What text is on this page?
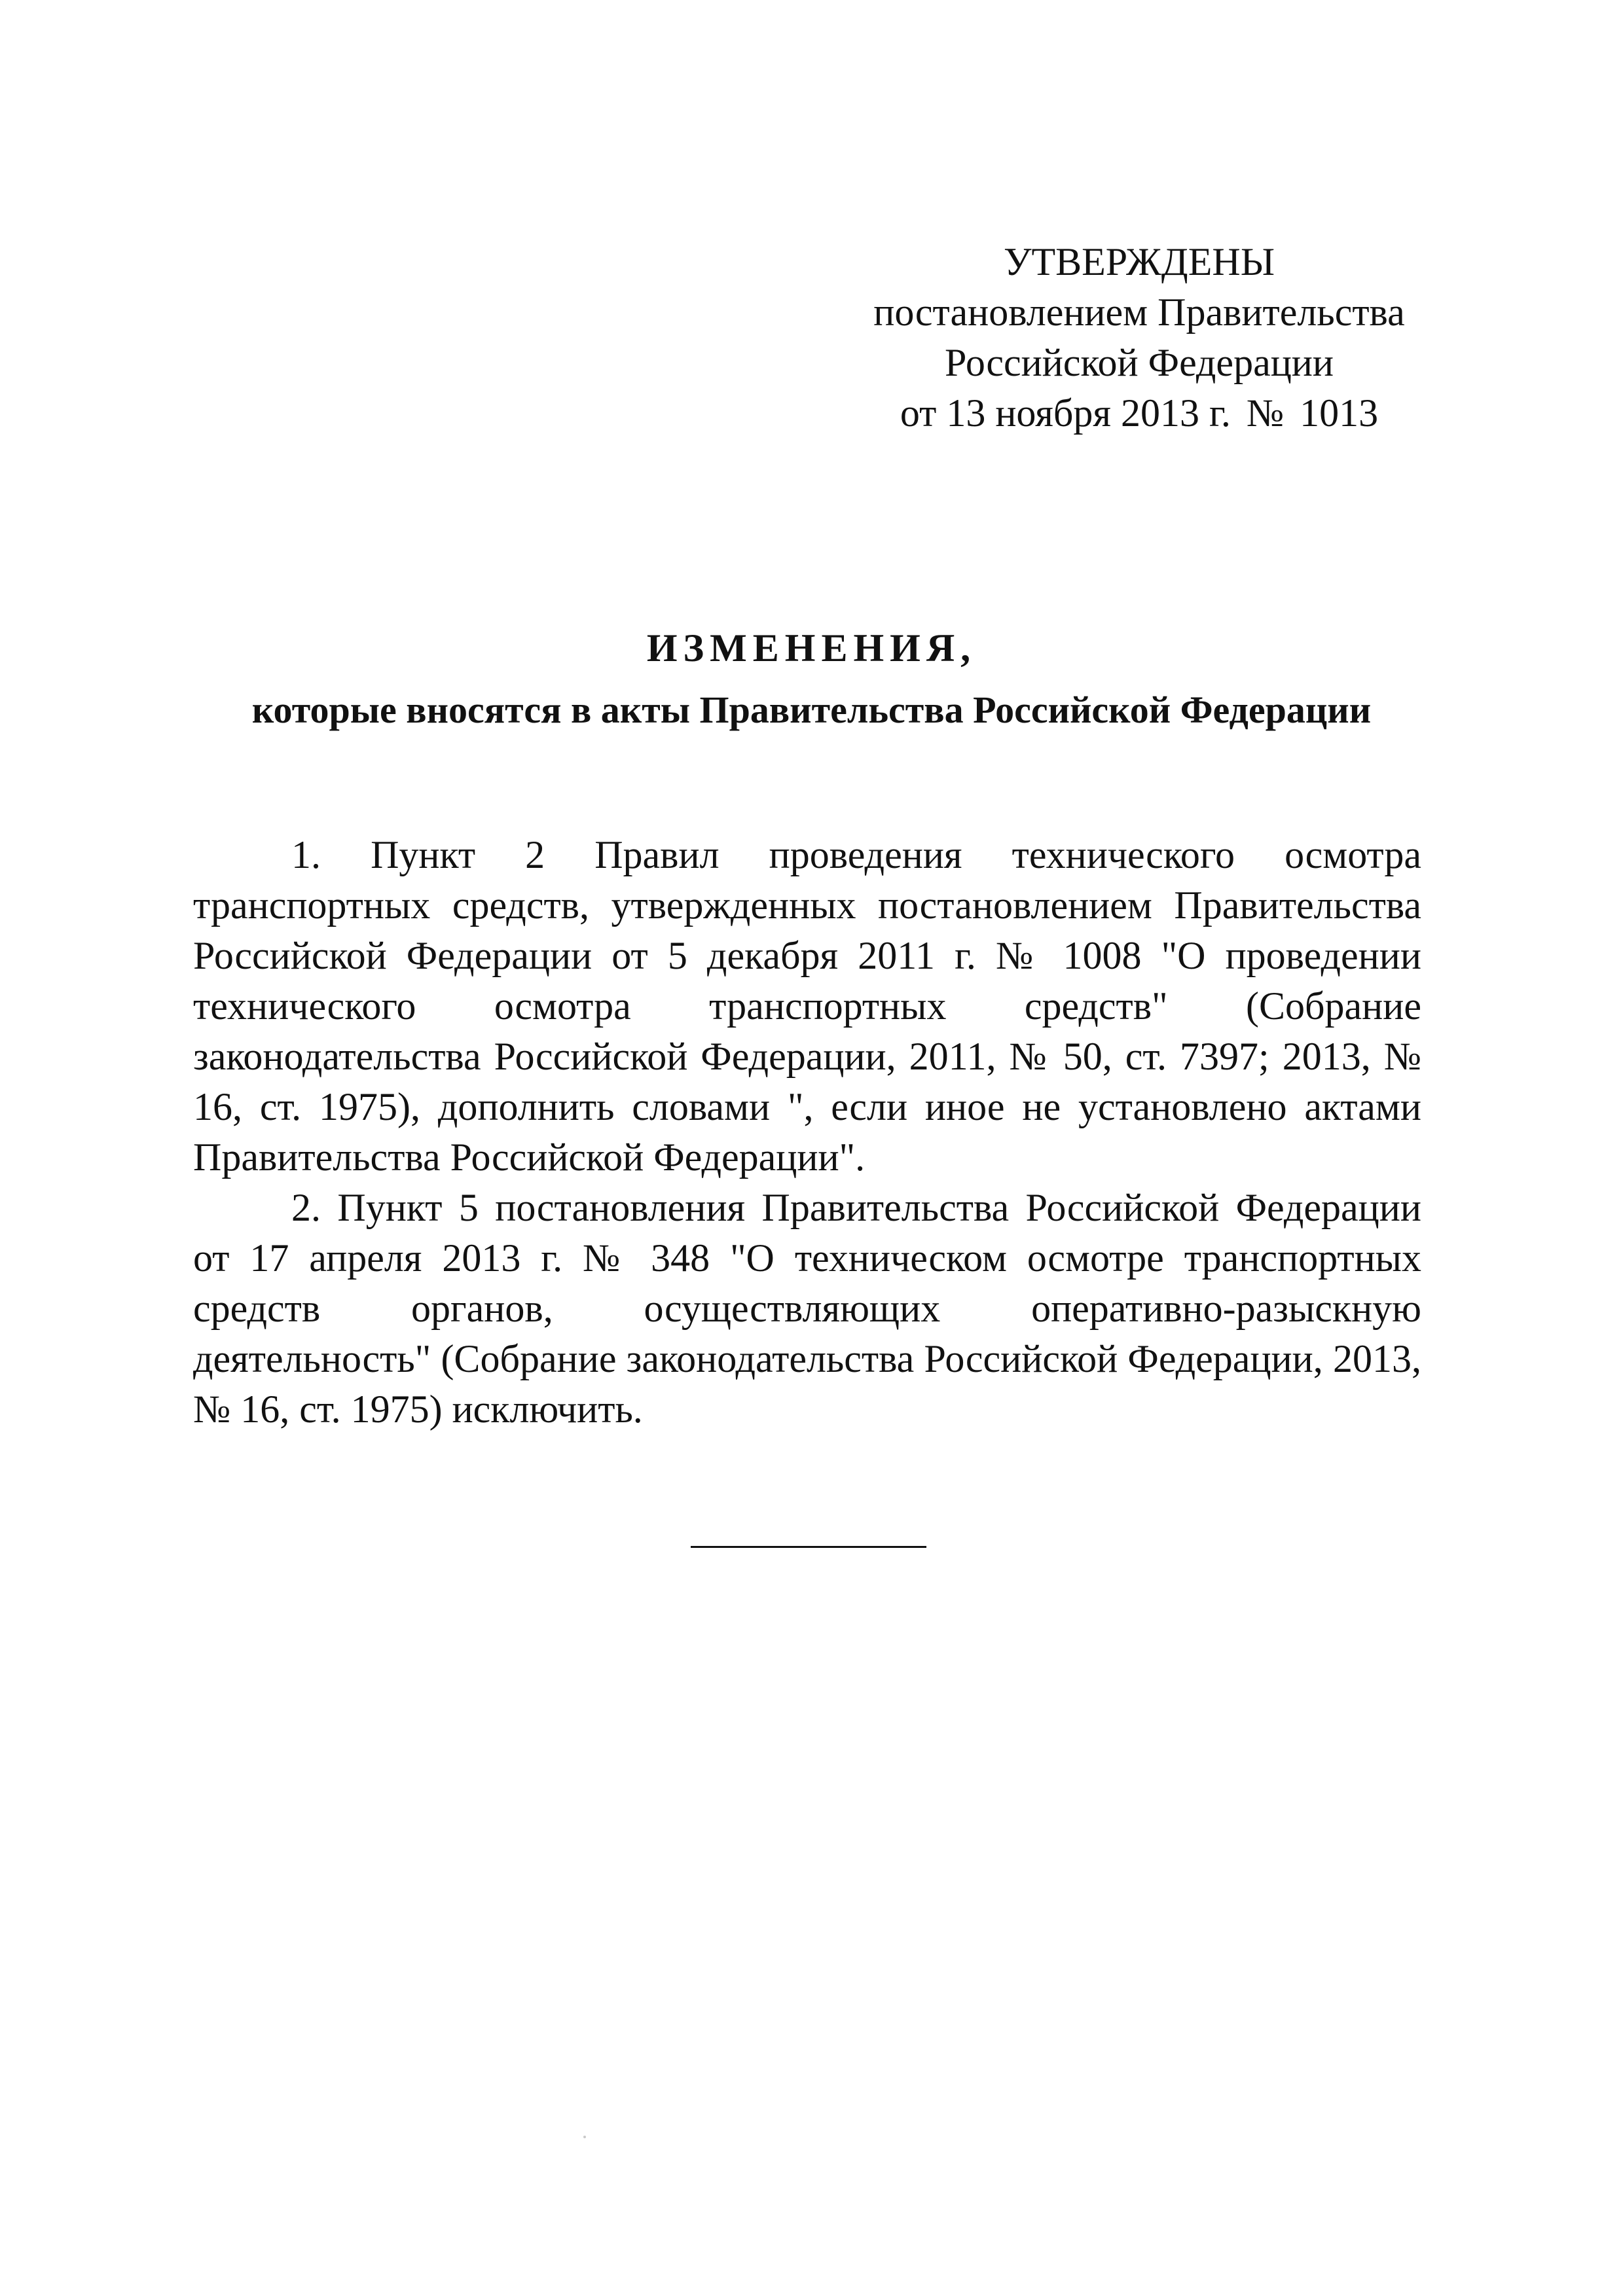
УТВЕРЖДЕНЫ
постановлением Правительства
Российской Федерации
от 13 ноября 2013 г. № 1013
ИЗМЕНЕНИЯ,
которые вносятся в акты Правительства Российской Федерации

1. Пункт 2 Правил проведения технического осмотра транспортных средств, утвержденных постановлением Правительства Российской Федерации от 5 декабря 2011 г. № 1008 "О проведении технического осмотра транспортных средств" (Собрание законодательства Российской Федерации, 2011, № 50, ст. 7397; 2013, № 16, ст. 1975), дополнить словами ", если иное не установлено актами Правительства Российской Федерации".

2. Пункт 5 постановления Правительства Российской Федерации от 17 апреля 2013 г. № 348 "О техническом осмотре транспортных средств органов, осуществляющих оперативно-разыскную деятельность" (Собрание законодательства Российской Федерации, 2013, № 16, ст. 1975) исключить.
